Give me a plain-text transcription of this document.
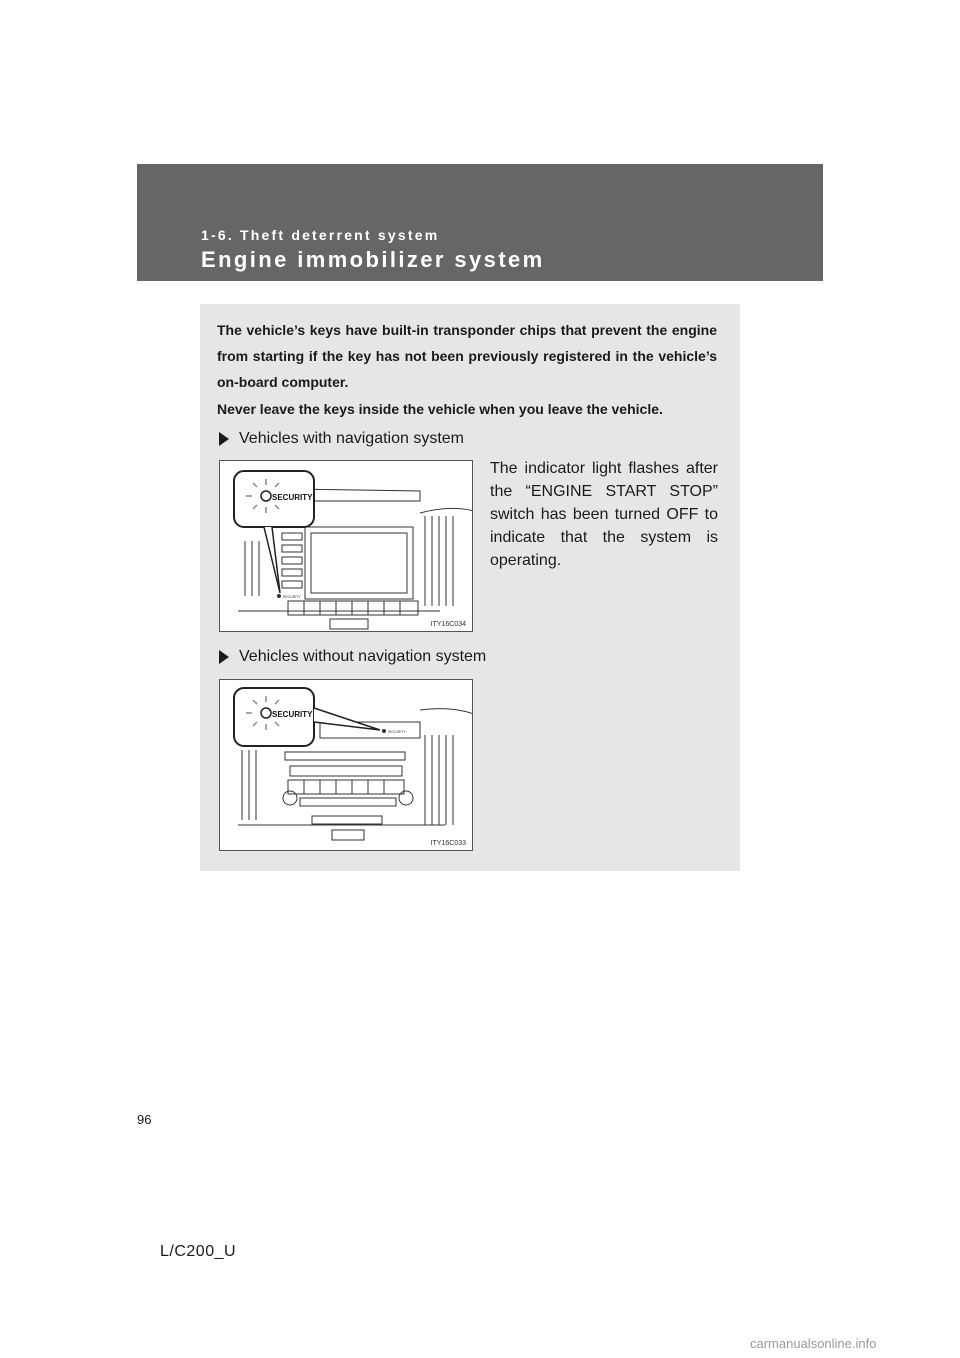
1-6. Theft deterrent system
Engine immobilizer system

The vehicle’s keys have built-in transponder chips that prevent the engine from starting if the key has not been previously registered in the vehicle’s on-board computer.

Never leave the keys inside the vehicle when you leave the vehicle.

Vehicles with navigation system

The indicator light flashes after the “ENGINE START STOP” switch has been turned OFF to indicate that the system is operating.

SECURITY
SECURITY
ITY16C034
Vehicles without navigation system
SECURITY
SECURITY
ITY16C033
96
L/C200_U
carmanualsonline.info
